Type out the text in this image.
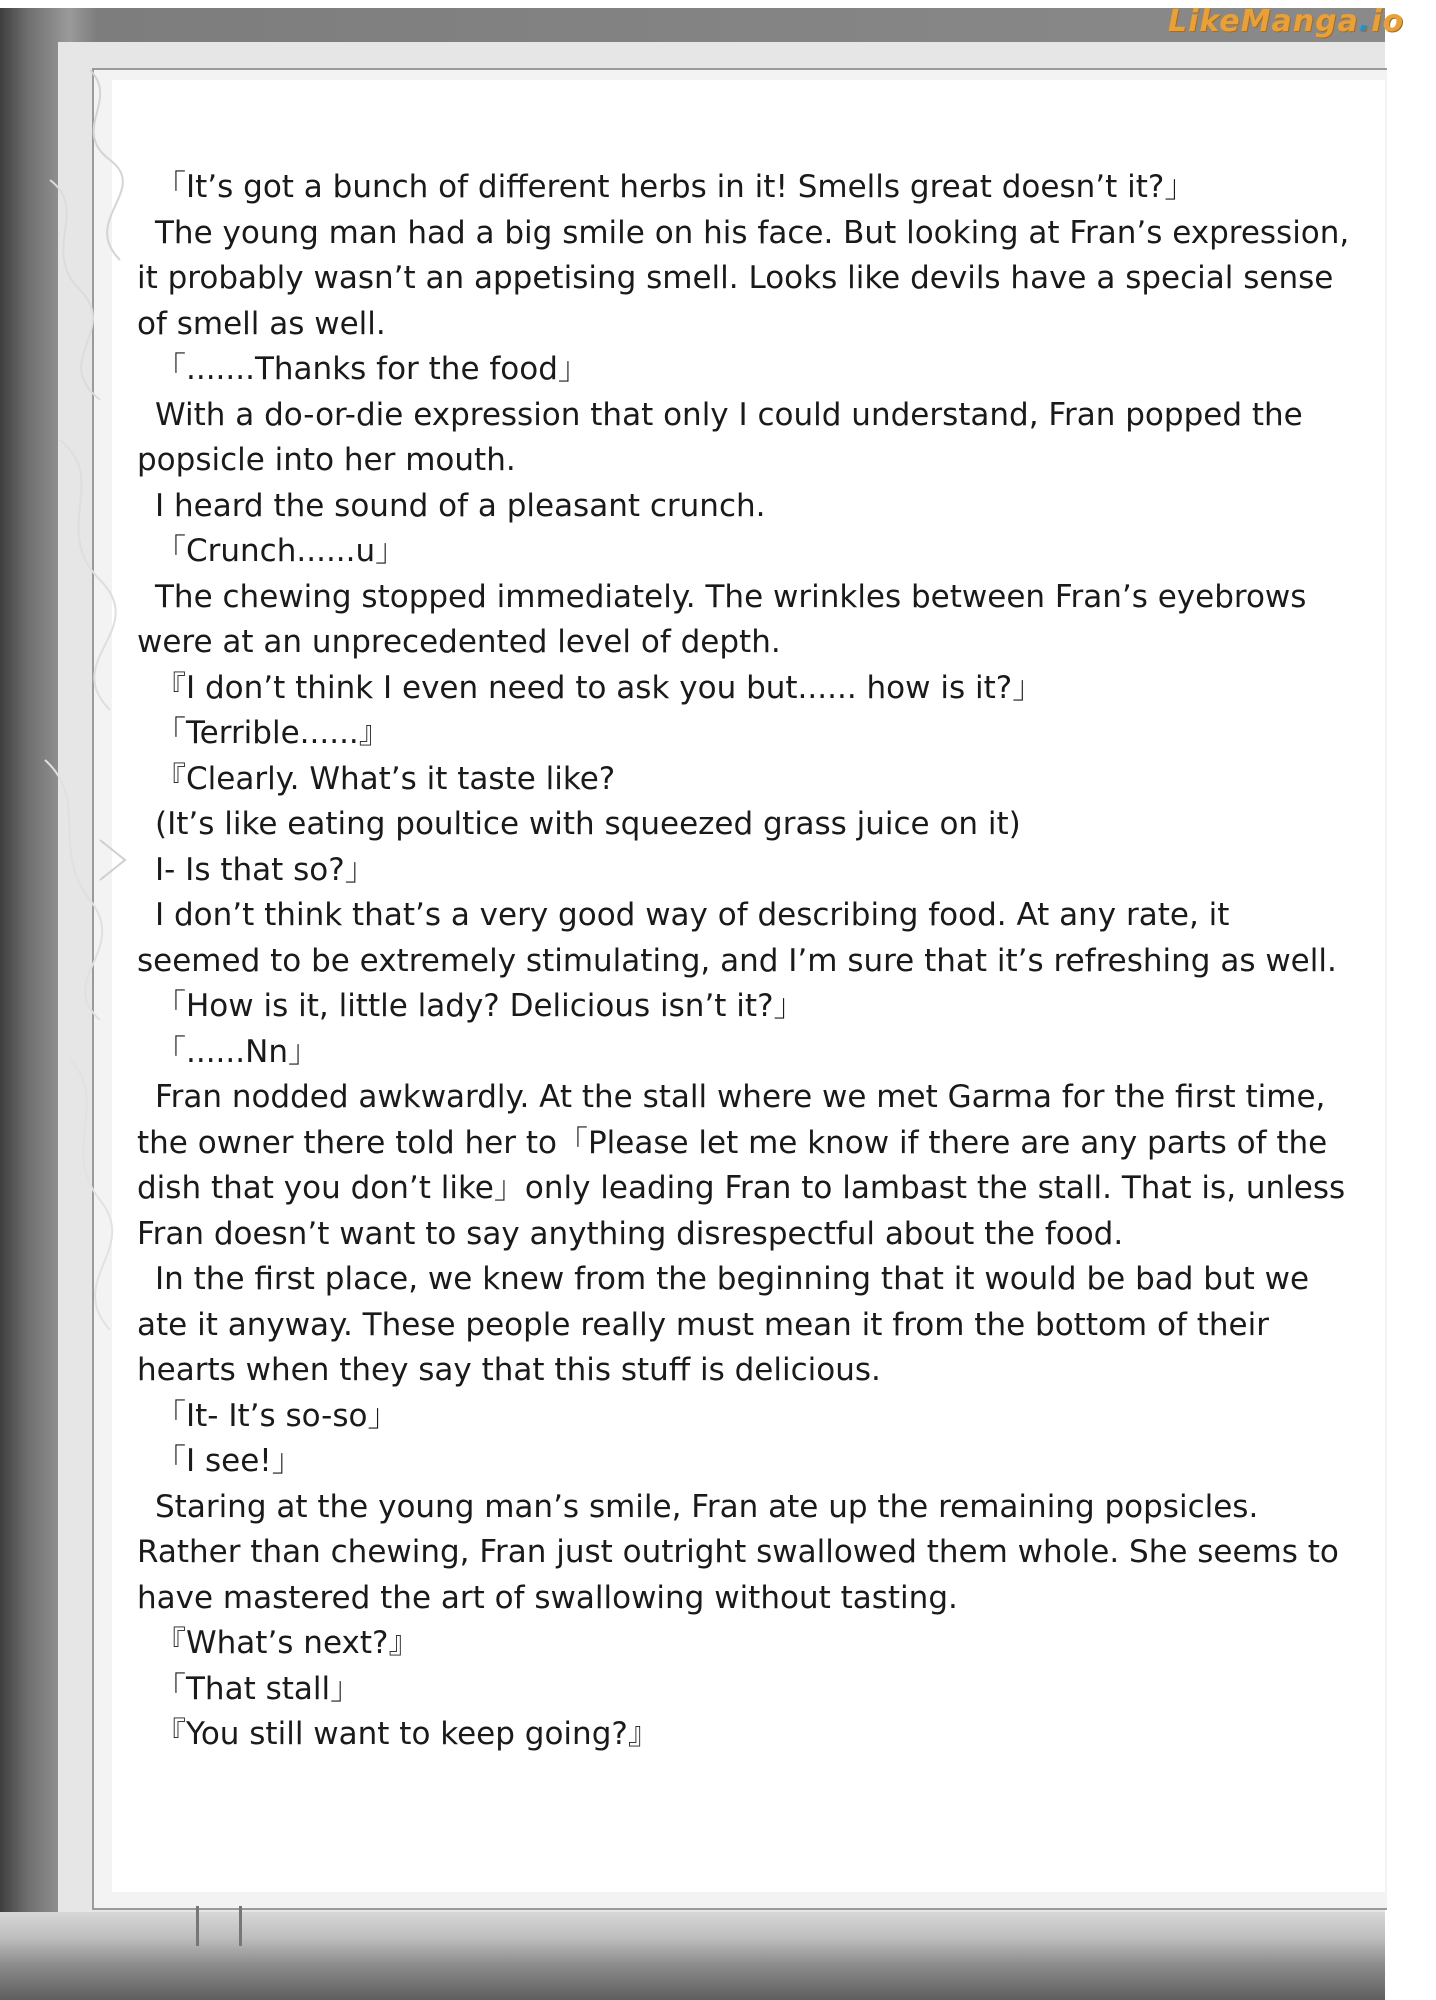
LikeManga.io

「It’s got a bunch of different herbs in it! Smells great doesn’t it?」

The young man had a big smile on his face. But looking at Fran’s expression, it probably wasn’t an appetising smell. Looks like devils have a special sense of smell as well.

「.......Thanks for the food」

With a do-or-die expression that only I could understand, Fran popped the popsicle into her mouth.

I heard the sound of a pleasant crunch.

「Crunch......u」

The chewing stopped immediately. The wrinkles between Fran’s eyebrows were at an unprecedented level of depth.

『I don’t think I even need to ask you but...... how is it?」

「Terrible......』

『Clearly. What’s it taste like?

(It’s like eating poultice with squeezed grass juice on it)

I- Is that so?」

I don’t think that’s a very good way of describing food. At any rate, it seemed to be extremely stimulating, and I’m sure that it’s refreshing as well.

「How is it, little lady? Delicious isn’t it?」

「......Nn」

Fran nodded awkwardly. At the stall where we met Garma for the first time, the owner there told her to「Please let me know if there are any parts of the dish that you don’t like」only leading Fran to lambast the stall. That is, unless Fran doesn’t want to say anything disrespectful about the food.

In the first place, we knew from the beginning that it would be bad but we ate it anyway. These people really must mean it from the bottom of their hearts when they say that this stuff is delicious.

「It- It’s so-so」

「I see!」

Staring at the young man’s smile, Fran ate up the remaining popsicles. Rather than chewing, Fran just outright swallowed them whole. She seems to have mastered the art of swallowing without tasting.

『What’s next?』

「That stall」

『You still want to keep going?』
